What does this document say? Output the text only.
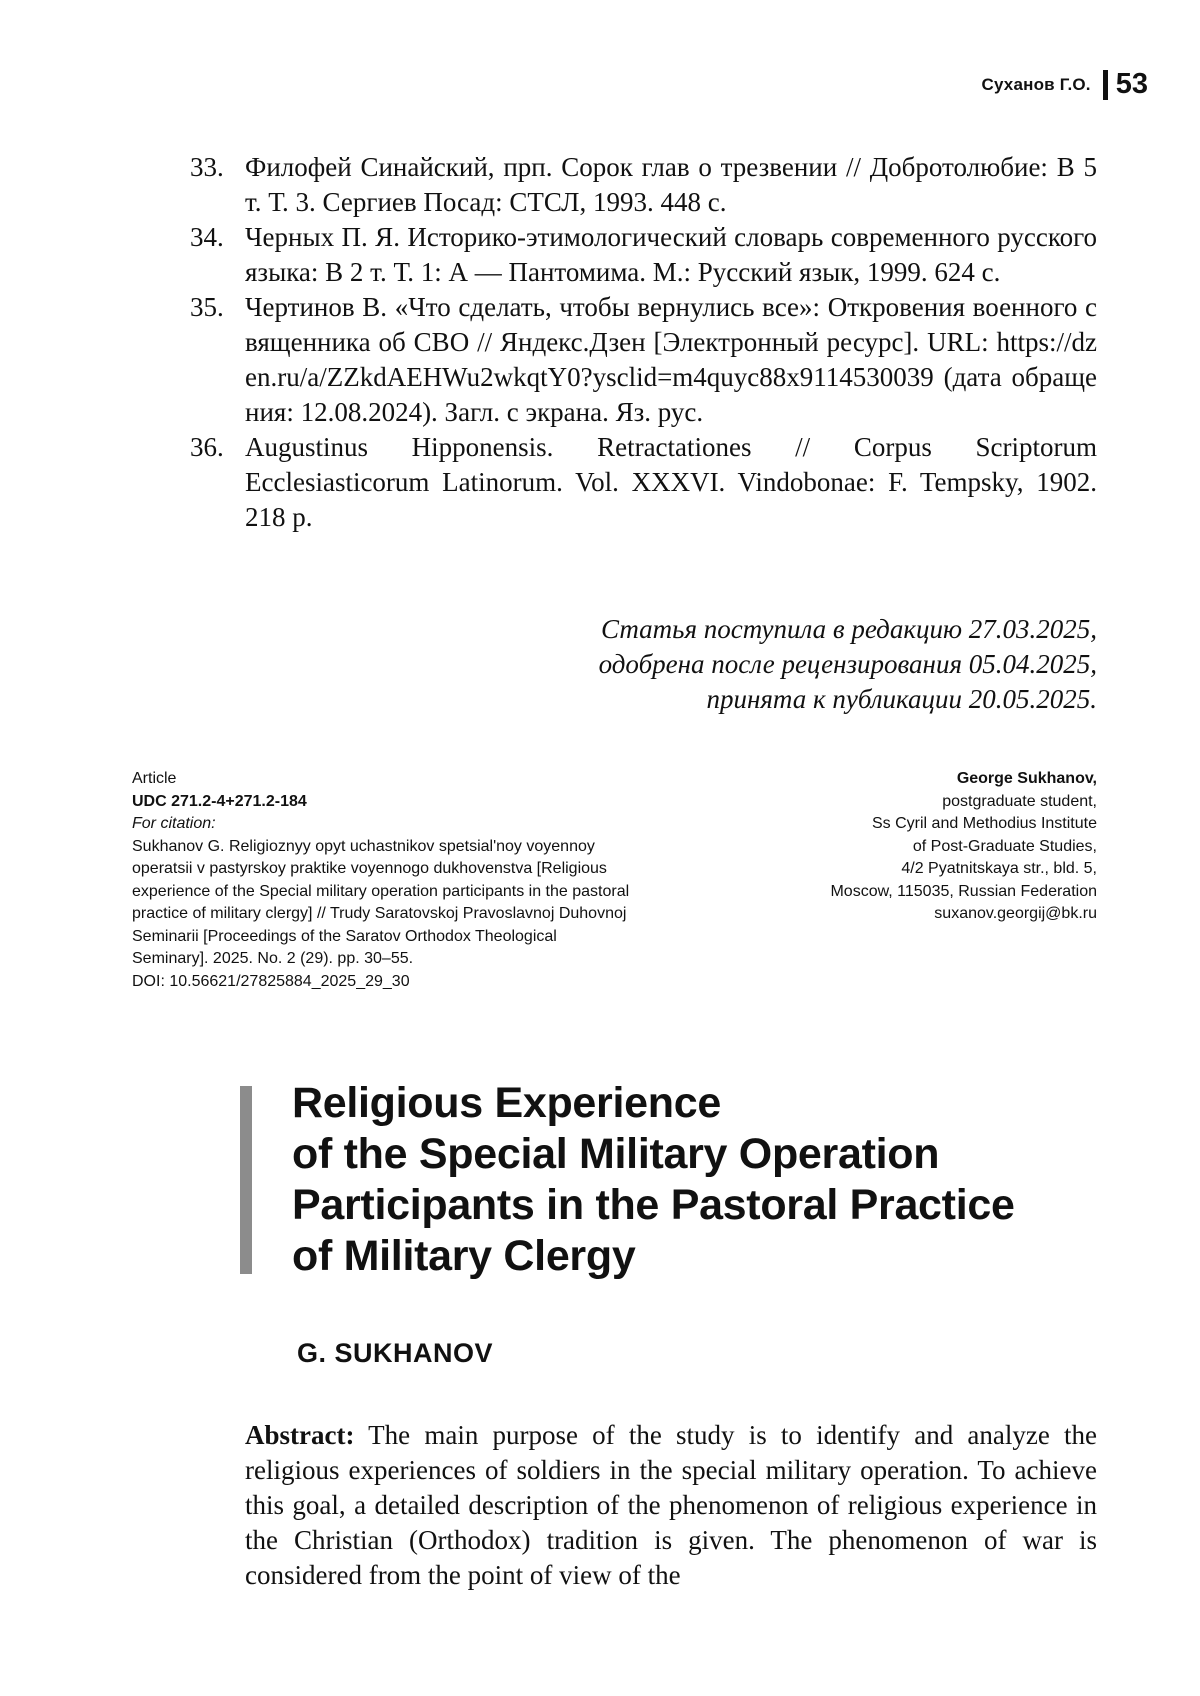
Суханов Г.О. 53
33. Филофей Синайский, прп. Сорок глав о трезвении // Добротолюбие: В 5 т. Т. 3. Сергиев Посад: СТСЛ, 1993. 448 с.
34. Черных П. Я. Историко-этимологический словарь современного русского языка: В 2 т. Т. 1: А — Пантомима. М.: Русский язык, 1999. 624 с.
35. Чертинов В. «Что сделать, чтобы вернулись все»: Откровения военного священника об СВО // Яндекс.Дзен [Электронный ресурс]. URL: https://dzen.ru/a/ZZkdAEHWu2wkqtY0?ysclid=m4quyc88x9114530039 (дата обращения: 12.08.2024). Загл. с экрана. Яз. рус.
36. Augustinus Hipponensis. Retractationes // Corpus Scriptorum Ecclesiasticorum Latinorum. Vol. XXXVI. Vindobonae: F. Tempsky, 1902. 218 p.
Статья поступила в редакцию 27.03.2025,
одобрена после рецензирования 05.04.2025,
принята к публикации 20.05.2025.
Article
UDC 271.2-4+271.2-184
For citation:
Sukhanov G. Religioznyy opyt uchastnikov spetsial'noy voyennoy operatsii v pastyrskoy praktike voyennogo dukhovenstva [Religious experience of the Special military operation participants in the pastoral practice of military clergy] // Trudy Saratovskoj Pravoslavnoj Duhovnoj Seminarii [Proceedings of the Saratov Orthodox Theological Seminary]. 2025. No. 2 (29). pp. 30–55.
DOI: 10.56621/27825884_2025_29_30
George Sukhanov,
postgraduate student,
Ss Cyril and Methodius Institute
of Post-Graduate Studies,
4/2 Pyatnitskaya str., bld. 5,
Moscow, 115035, Russian Federation
suxanov.georgij@bk.ru
Religious Experience
of the Special Military Operation
Participants in the Pastoral Practice
of Military Clergy
G. SUKHANOV

Abstract: The main purpose of the study is to identify and analyze the religious experiences of soldiers in the special military operation. To achieve this goal, a detailed description of the phenomenon of religious experience in the Christian (Orthodox) tradition is given. The phenomenon of war is considered from the point of view of the
